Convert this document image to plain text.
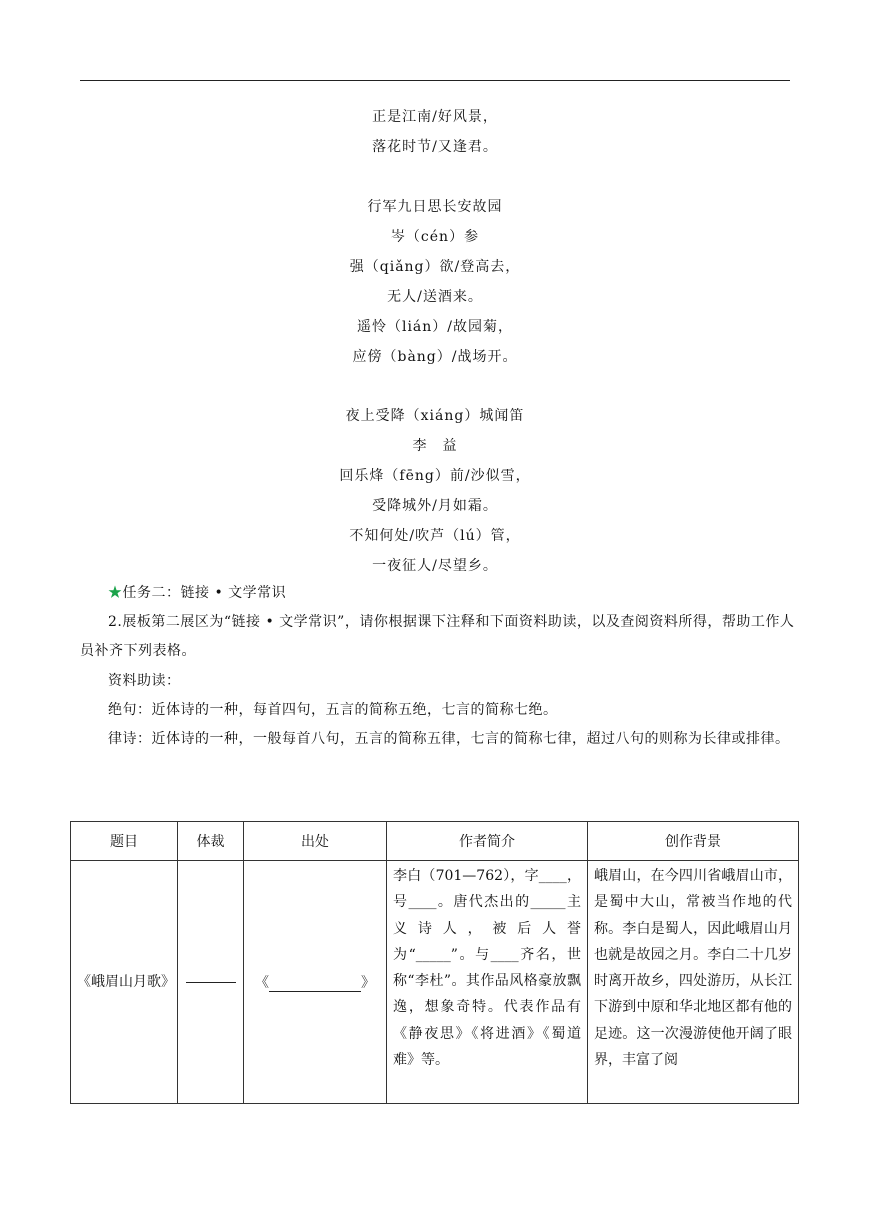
正是江南/好风景，
落花时节/又逢君。
行军九日思长安故园
岑（cén）参
强（qiǎng）欲/登高去，
无人/送酒来。
遥怜（lián）/故园菊，
应傍（bàng）/战场开。
夜上受降（xiáng）城闻笛
李　益
回乐烽（fēng）前/沙似雪，
受降城外/月如霜。
不知何处/吹芦（lú）管，
一夜征人/尽望乡。
★任务二：链接 • 文学常识
2.展板第二展区为“链接 • 文学常识”，请你根据课下注释和下面资料助读，以及查阅资料所得，帮助工作人员补齐下列表格。
资料助读：
绝句：近体诗的一种，每首四句，五言的简称五绝，七言的简称七绝。
律诗：近体诗的一种，一般每首八句，五言的简称五律，七言的简称七律，超过八句的则称为长律或排律。
题目	体裁	出处	作者简介	创作背景
《峨眉山月歌》		《 》	李白（701—762），字____，号____。唐代杰出的_____主义诗人，被后人誉为“_____”。与____齐名，世称“李杜”。其作品风格豪放飘逸，想象奇特。代表作品有《静夜思》《将进酒》《蜀道难》等。	峨眉山，在今四川省峨眉山市，是蜀中大山，常被当作地的代称。李白是蜀人，因此峨眉山月也就是故园之月。李白二十几岁时离开故乡，四处游历，从长江下游到中原和华北地区都有他的足迹。这一次漫游使他开阔了眼界，丰富了阅
